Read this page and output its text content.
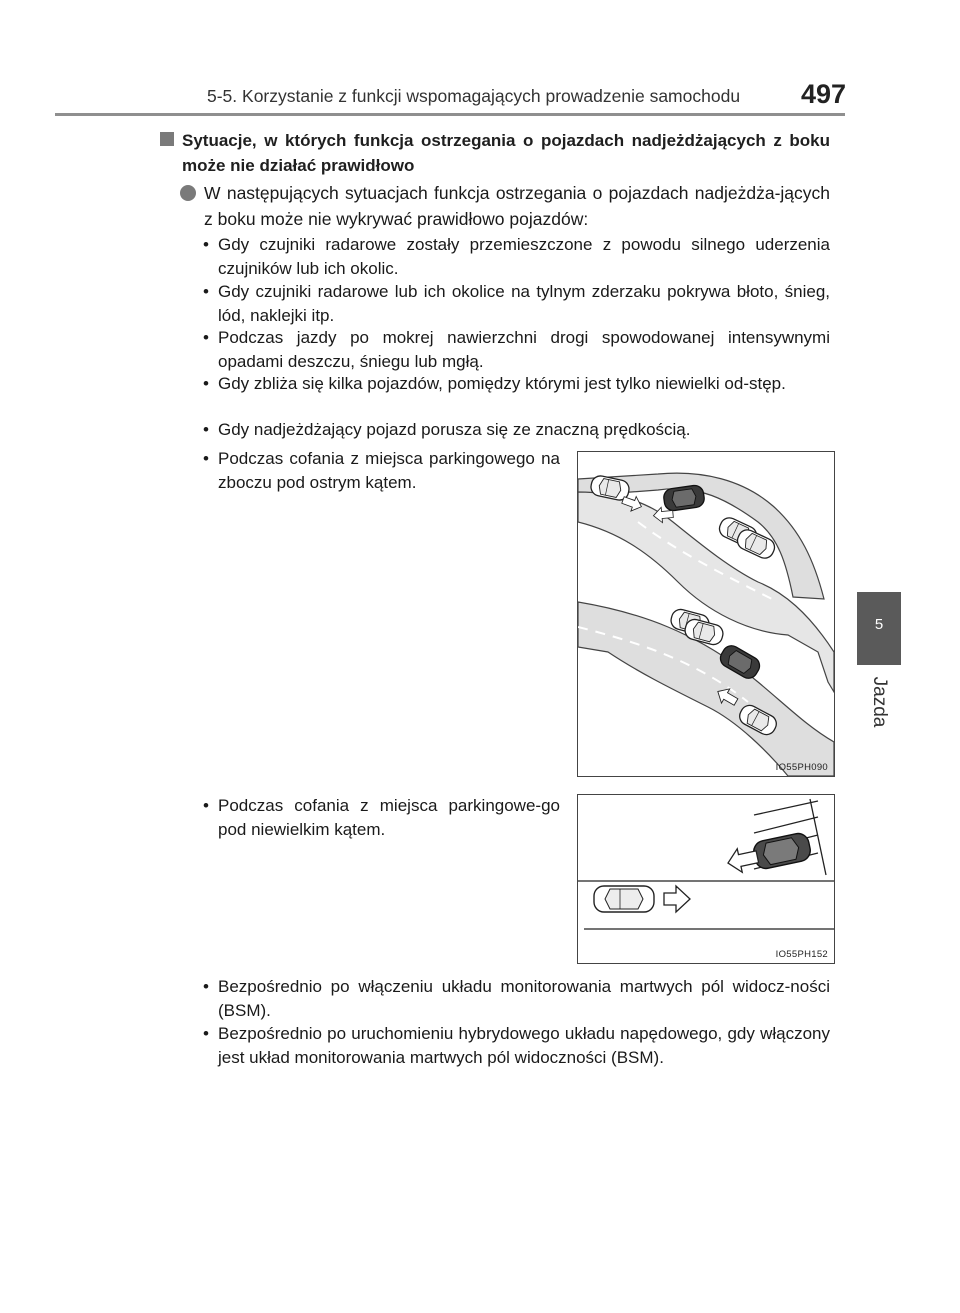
5-5. Korzystanie z funkcji wspomagających prowadzenie samochodu 497
5
Jazda
Sytuacje, w których funkcja ostrzegania o pojazdach nadjeżdżających z boku może nie działać prawidłowo
W następujących sytuacjach funkcja ostrzegania o pojazdach nadjeżdża-jących z boku może nie wykrywać prawidłowo pojazdów:
• Gdy czujniki radarowe zostały przemieszczone z powodu silnego uderzenia czujników lub ich okolic.
• Gdy czujniki radarowe lub ich okolice na tylnym zderzaku pokrywa błoto, śnieg, lód, naklejki itp.
• Podczas jazdy po mokrej nawierzchni drogi spowodowanej intensywnymi opadami deszczu, śniegu lub mgłą.
• Gdy zbliża się kilka pojazdów, pomiędzy którymi jest tylko niewielki od-stęp.
• Gdy nadjeżdżający pojazd porusza się ze znaczną prędkością.
• Podczas cofania z miejsca parkingowego na zboczu pod ostrym kątem.
• Podczas cofania z miejsca parkingowe-go pod niewielkim kątem.
• Bezpośrednio po włączeniu układu monitorowania martwych pól widocz-ności (BSM).
• Bezpośrednio po uruchomieniu hybrydowego układu napędowego, gdy włączony jest układ monitorowania martwych pól widoczności (BSM).
IO55PH090
IO55PH152
